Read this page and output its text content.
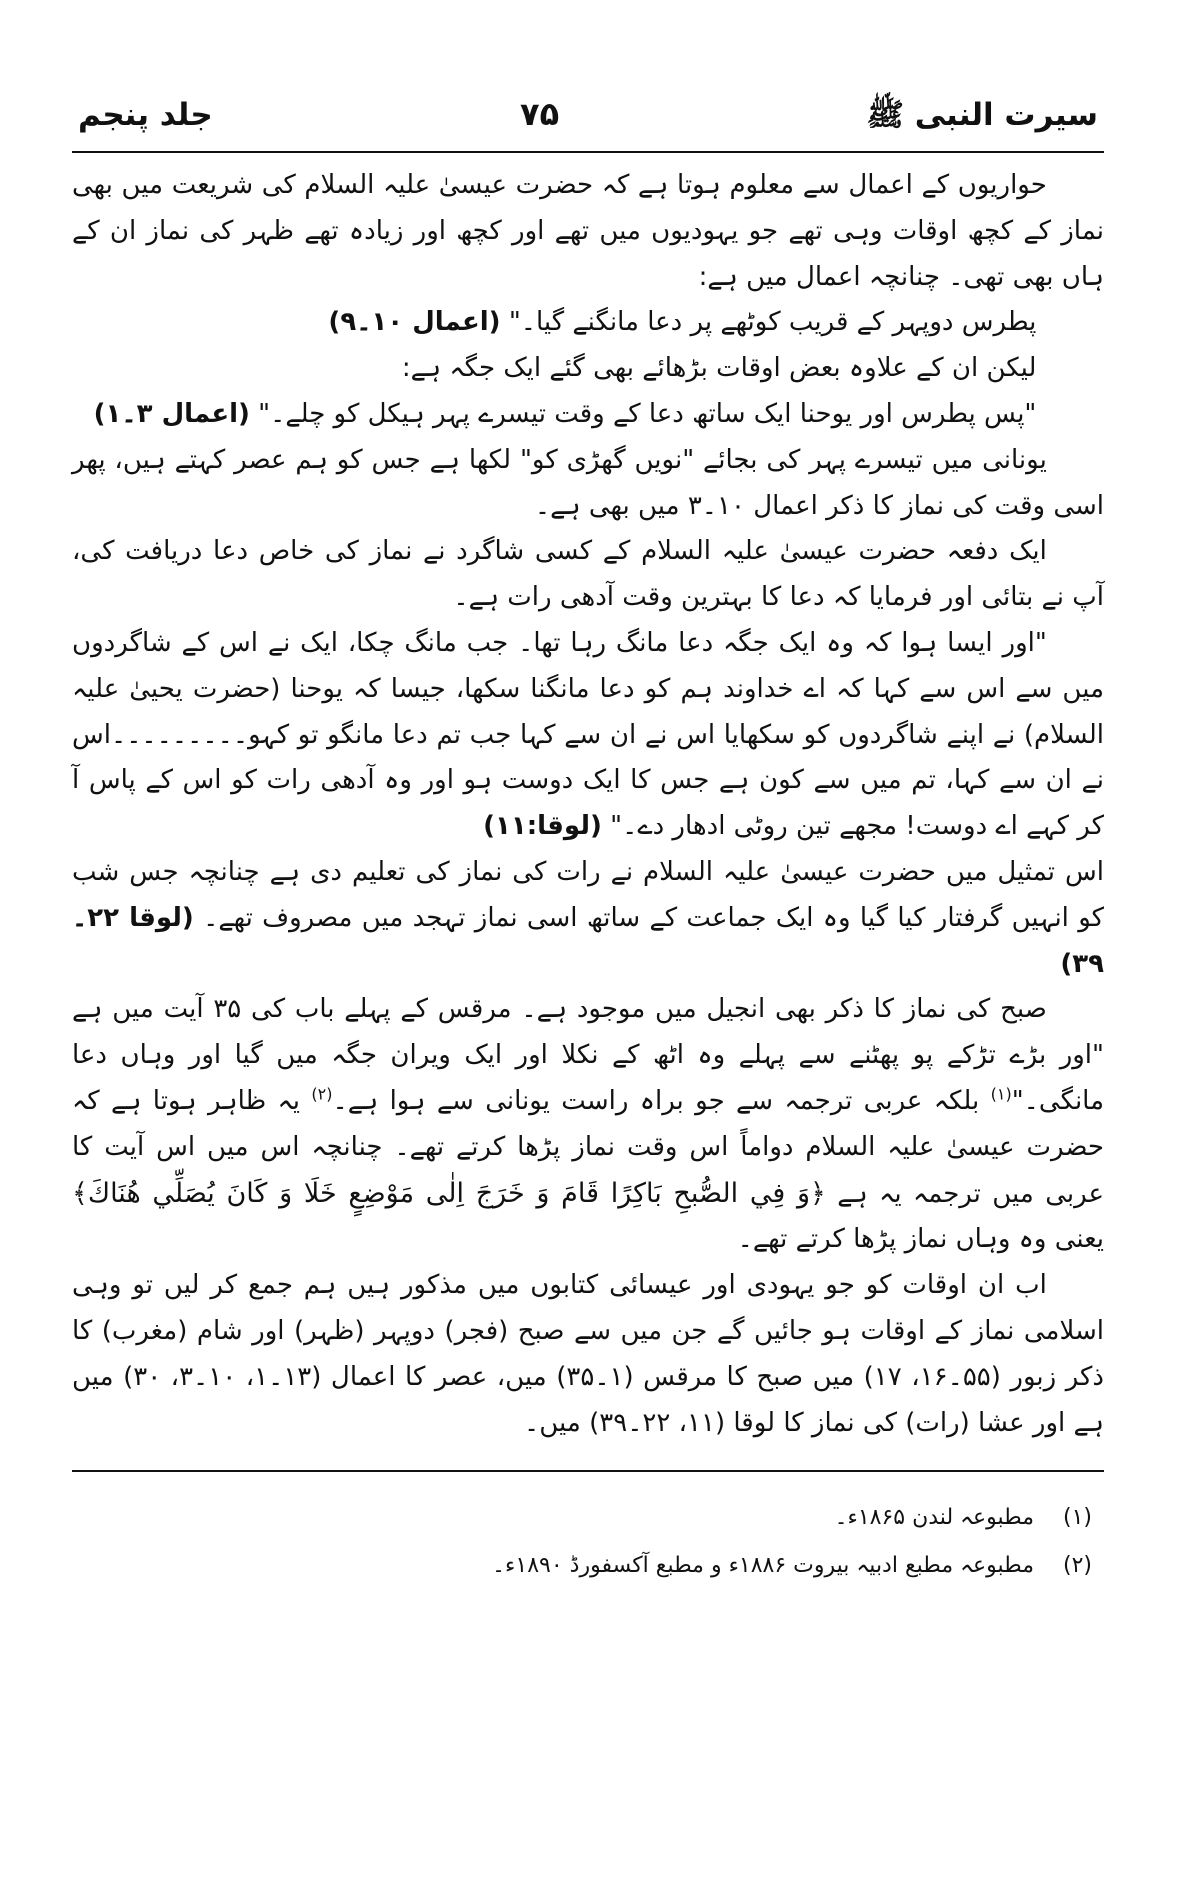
سیرت النبی ﷺ
۷۵
جلد پنجم

حواریوں کے اعمال سے معلوم ہوتا ہے کہ حضرت عیسیٰ علیہ السلام کی شریعت میں بھی نماز کے کچھ اوقات وہی تھے جو یہودیوں میں تھے اور کچھ اور زیادہ تھے ظہر کی نماز ان کے ہاں بھی تھی۔ چنانچہ اعمال میں ہے:

پطرس دوپہر کے قریب کوٹھے پر دعا مانگنے گیا۔" (اعمال ۱۰۔۹)

لیکن ان کے علاوہ بعض اوقات بڑھائے بھی گئے ایک جگہ ہے:

"پس پطرس اور یوحنا ایک ساتھ دعا کے وقت تیسرے پہر ہیکل کو چلے۔" (اعمال ۳۔۱)

یونانی میں تیسرے پہر کی بجائے "نویں گھڑی کو" لکھا ہے جس کو ہم عصر کہتے ہیں، پھر اسی وقت کی نماز کا ذکر اعمال ۱۰۔۳ میں بھی ہے۔

ایک دفعہ حضرت عیسیٰ علیہ السلام کے کسی شاگرد نے نماز کی خاص دعا دریافت کی، آپ نے بتائی اور فرمایا کہ دعا کا بہترین وقت آدھی رات ہے۔

"اور ایسا ہوا کہ وہ ایک جگہ دعا مانگ رہا تھا۔ جب مانگ چکا، ایک نے اس کے شاگردوں میں سے اس سے کہا کہ اے خداوند ہم کو دعا مانگنا سکھا، جیسا کہ یوحنا (حضرت یحییٰ علیہ السلام) نے اپنے شاگردوں کو سکھایا اس نے ان سے کہا جب تم دعا مانگو تو کہو۔۔۔۔۔۔۔۔۔اس نے ان سے کہا، تم میں سے کون ہے جس کا ایک دوست ہو اور وہ آدھی رات کو اس کے پاس آ کر کہے اے دوست! مجھے تین روٹی ادھار دے۔" (لوقا:۱۱)

اس تمثیل میں حضرت عیسیٰ علیہ السلام نے رات کی نماز کی تعلیم دی ہے چنانچہ جس شب کو انہیں گرفتار کیا گیا وہ ایک جماعت کے ساتھ اسی نماز تہجد میں مصروف تھے۔ (لوقا ۲۲۔۳۹)

صبح کی نماز کا ذکر بھی انجیل میں موجود ہے۔ مرقس کے پہلے باب کی ۳۵ آیت میں ہے "اور بڑے تڑکے پو پھٹنے سے پہلے وہ اٹھ کے نکلا اور ایک ویران جگہ میں گیا اور وہاں دعا مانگی۔"$^{(۱)}$ بلکہ عربی ترجمہ سے جو براہ راست یونانی سے ہوا ہے۔$^{(۲)}$ یہ ظاہر ہوتا ہے کہ حضرت عیسیٰ علیہ السلام دواماً اس وقت نماز پڑھا کرتے تھے۔ چنانچہ اس میں اس آیت کا عربی میں ترجمہ یہ ہے ﴿وَ فِي الصُّبحِ بَاكِرًا قَامَ وَ خَرَجَ اِلٰى مَوْضِعٍ خَلَا وَ كَانَ يُصَلِّي هُنَاكَ﴾ یعنی وہ وہاں نماز پڑھا کرتے تھے۔

اب ان اوقات کو جو یہودی اور عیسائی کتابوں میں مذکور ہیں ہم جمع کر لیں تو وہی اسلامی نماز کے اوقات ہو جائیں گے جن میں سے صبح (فجر) دوپہر (ظہر) اور شام (مغرب) کا ذکر زبور (۵۵۔۱۶، ۱۷) میں صبح کا مرقس (۱۔۳۵) میں، عصر کا اعمال (۱۳۔۱، ۱۰۔۳، ۳۰) میں ہے اور عشا (رات) کی نماز کا لوقا (۱۱، ۲۲۔۳۹) میں۔

(۱)
مطبوعہ لندن ۱۸۶۵ء۔
(۲)
مطبوعہ مطبع ادبیہ بیروت ۱۸۸۶ء و مطبع آکسفورڈ ۱۸۹۰ء۔
